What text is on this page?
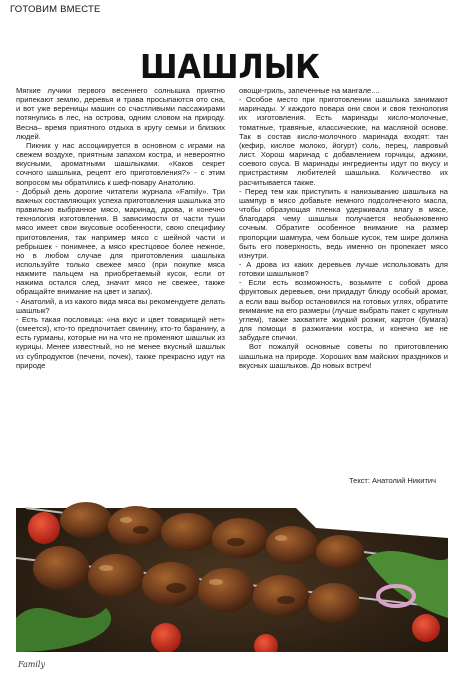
ГОТОВИМ ВМЕСТЕ
ШАШЛЫК

Мягкие лучики первого весеннего солнышка приятно припекают землю, деревья и трава просыпаются ото сна, и вот уже вереницы машин со счастливыми пассажирами потянулись в лес, на острова, одним словом на природу. Весна– время приятного отдыха в кругу семьи и близких людей.

Пикник у нас ассоциируется в основном с играми на свежем воздухе, приятным запахом костра, и невероятно вкусными, ароматными шашлыками. «Каков секрет сочного шашлыка, рецепт его приготовления?» - с этим вопросом мы обратились к шеф-повару Анатолию.

- Добрый день дорогие читатели журнала «Family». Три важных составляющих успеха приготовления шашлыка это правильно выбранное мясо, маринад, дрова, и конечно технология изготовления. В зависимости от части туши мясо имеет свои вкусовые особенности, свою специфику приготовления, так например мясо с шейной части и ребрышек - понимнее, а мясо крестцовое более нежное, но в любом случае для приготовления шашлыка используйте только свежее мясо (при покупке мяса нажмите пальцем на приобретаемый кусок, если от нажима остался след, значит мясо не свежее, также обращайте внимание на цвет и запах).

- Анатолий, а из какого вида мяса вы рекомендуете делать шашлык?

- Есть такая пословица: «на вкус и цвет товарищей нет» (смеется), кто-то предпочитает свинину, кто-то баранину, а есть гурманы, которые ни на что не променяют шашлык из курицы. Менее известный, но не менее вкусный шашлык из субпродуктов (печени, почек), также прекрасно идут на природе

овощи-гриль, запеченные на мангале....

- Особое место при приготовлении шашлыка занимают маринады. У каждого повара они свои и своя технология их изготовления. Есть маринады кисло-молочные, томатные, травяные, классические, на масляной основе. Так в состав кисло-молочного маринада входят: тан (кефир, кислое молоко, йогурт) соль, перец, лавровый лист. Хорош маринад с добавлением горчицы, аджики, соевого соуса. В маринады ингредиенты идут по вкусу и пристрастиям любителей шашлыка. Количество их расчитывается также.

- Перед тем как приступить к нанизыванию шашлыка на шампур в мясо добавьте немного подсолнечного масла, чтобы образующая пленка удерживала влагу в мясе, благодаря чему шашлык получается необыкновенно сочным. Обратите особенное внимание на размер пропорции шампура, чем больше кусок, тем шире должна быть его поверхность, ведь именно он пропекает мясо изнутри.

- А дрова из каких деревьев лучше использовать для готовки шашлыков?

- Если есть возможность, возьмите с собой дрова фруктовых деревьев, они придадут блюду особый аромат, а если ваш выбор остановился на готовых углях, обратите внимание на его размеры (лучше выбрать пакет с крупным углем), также захватите жидкий розжиг, картон (бумага) для помощи в разжигании костра, и конечно же не забудьте спички.

Вот пожалуй основные советы по приготовлению шашлыка на природе. Хороших вам майских праздников и вкусных шашлыков. До новых встреч!

Текст: Анатолий Никитич
Family
